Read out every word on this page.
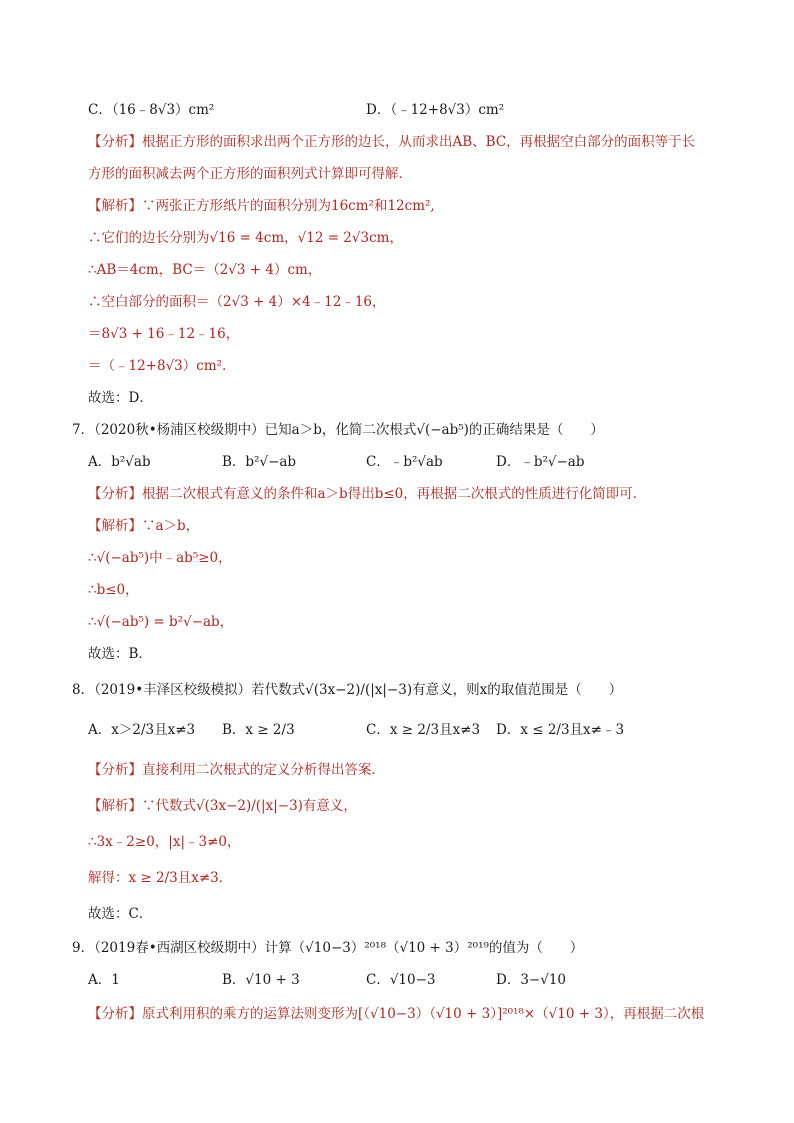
C．（16﹣8√3）cm²	D．（﹣12+8√3）cm²
【分析】根据正方形的面积求出两个正方形的边长，从而求出AB、BC，再根据空白部分的面积等于长
方形的面积减去两个正方形的面积列式计算即可得解．
【解析】∵两张正方形纸片的面积分别为16cm²和12cm²,
∴它们的边长分别为√16 = 4cm，√12 = 2√3cm，
∴AB＝4cm，BC＝（2√3 + 4）cm，
∴空白部分的面积＝（2√3 + 4）×4﹣12﹣16，
＝8√3 + 16﹣12﹣16，
＝（﹣12+8√3）cm².
故选：D．
7．（2020秋•杨浦区校级期中）已知a＞b，化简二次根式√(−ab⁵)的正确结果是（　　）
A．b²√ab	B．b²√−ab	C．﹣b²√ab	D．﹣b²√−ab
【分析】根据二次根式有意义的条件和a＞b得出b≤0，再根据二次根式的性质进行化简即可．
【解析】∵a＞b，
∴√(−ab⁵)中﹣ab⁵≥0，
∴b≤0，
∴√(−ab⁵) = b²√−ab，
故选：B．
8．（2019•丰泽区校级模拟）若代数式√(3x−2)/(|x|−3)有意义，则x的取值范围是（　　）
A．x＞2/3且x≠3 B．x ≥ 2/3	C．x ≥ 2/3且x≠3 D．x ≤ 2/3且x≠﹣3
【分析】直接利用二次根式的定义分析得出答案．
【解析】∵代数式√(3x−2)/(|x|−3)有意义，
∴3x﹣2≥0，|x|﹣3≠0，
解得：x ≥ 2/3且x≠3．
故选：C．
9．（2019春•西湖区校级期中）计算（√10−3）²⁰¹⁸（√10 + 3）²⁰¹⁹的值为（　　）
A．1	B．√10 + 3	C．√10−3	D．3−√10
【分析】原式利用积的乘方的运算法则变形为[（√10−3）（√10 + 3）]²⁰¹⁸×（√10 + 3），再根据二次根
